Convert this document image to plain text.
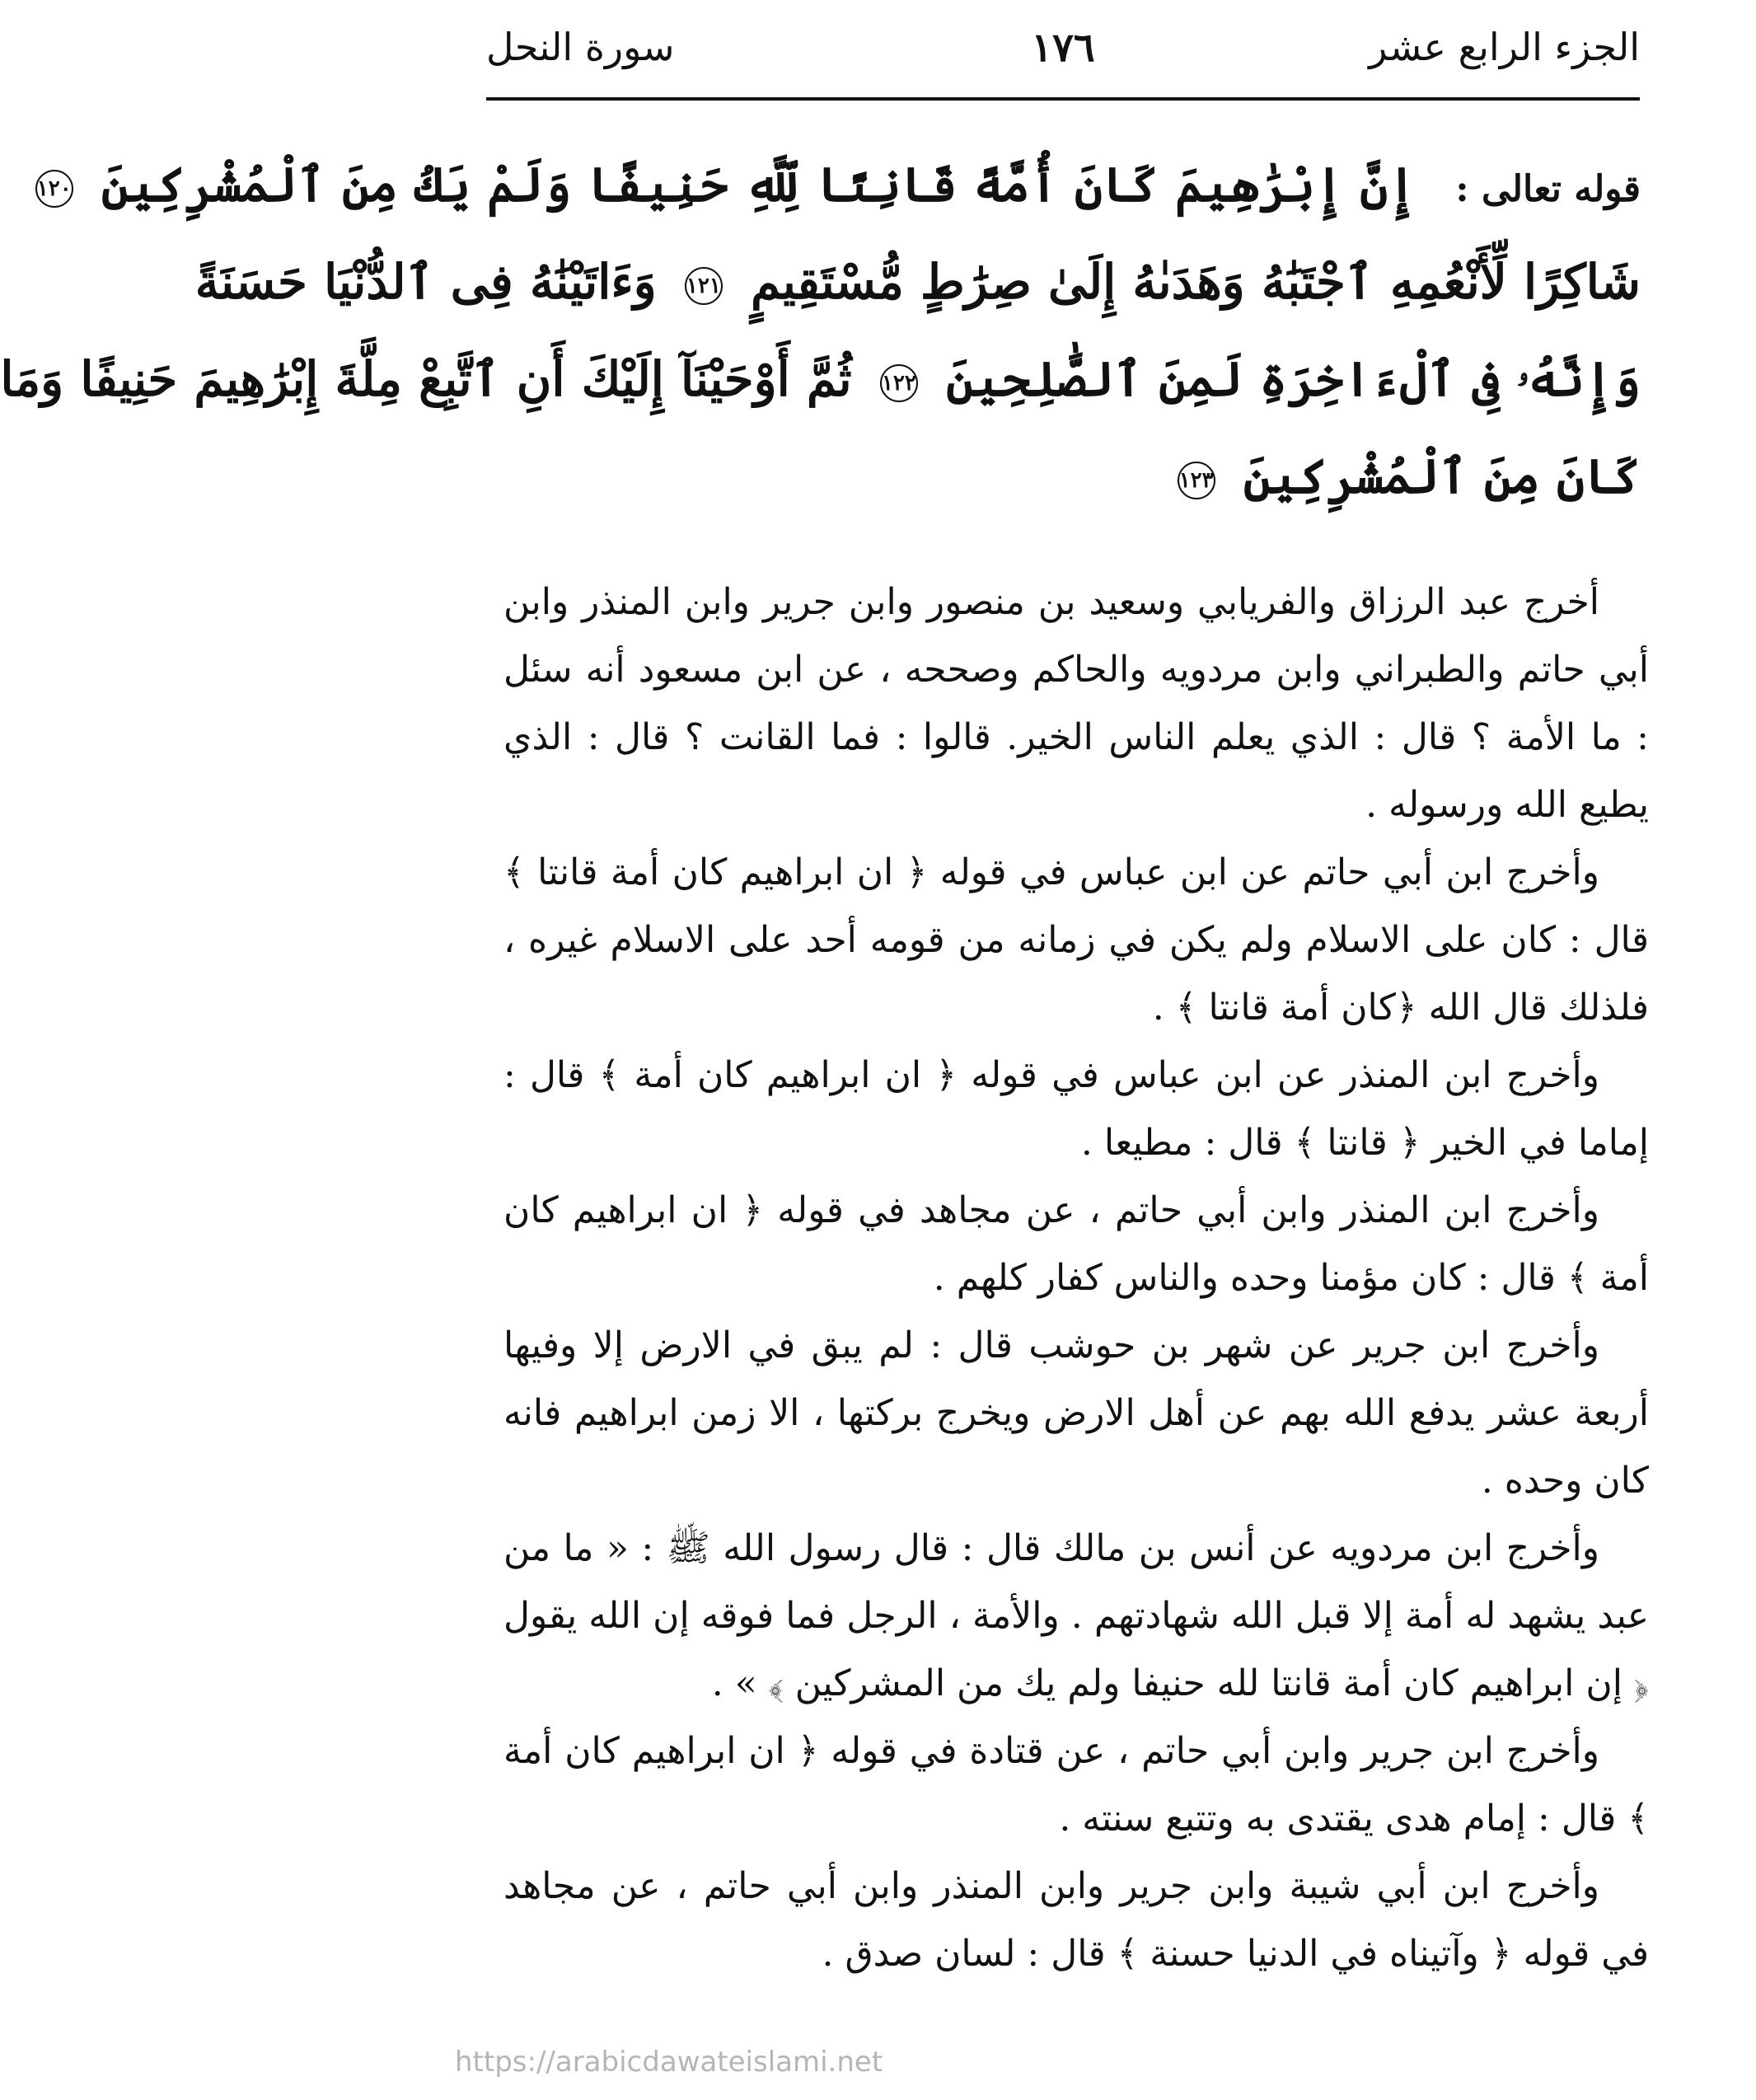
الجزء الرابع عشر
١٧٦
سورة النحل
قوله تعالى : إِنَّ إِبْرَٰهِيمَ كَانَ أُمَّةً قَانِتًا لِّلَّهِ حَنِيفًا وَلَمْ يَكُ مِنَ ٱلْمُشْرِكِينَ ١٢٠
شَاكِرًا لِّأَنْعُمِهِ ٱجْتَبَٰهُ وَهَدَىٰهُ إِلَىٰ صِرَٰطٍ مُّسْتَقِيمٍ ١٢١ وَءَاتَيْنَٰهُ فِى ٱلدُّنْيَا حَسَنَةً
وَإِنَّهُۥ فِى ٱلْءَاخِرَةِ لَمِنَ ٱلصَّٰلِحِينَ ١٢٢ ثُمَّ أَوْحَيْنَآ إِلَيْكَ أَنِ ٱتَّبِعْ مِلَّةَ إِبْرَٰهِيمَ حَنِيفًا وَمَا
كَانَ مِنَ ٱلْمُشْرِكِينَ ١٢٣

أخرج عبد الرزاق والفريابي وسعيد بن منصور وابن جرير وابن المنذر وابن أبي حاتم والطبراني وابن مردويه والحاكم وصححه ، عن ابن مسعود أنه سئل : ما الأمة ؟ قال : الذي يعلم الناس الخير. قالوا : فما القانت ؟ قال : الذي يطيع الله ورسوله .

وأخرج ابن أبي حاتم عن ابن عباس في قوله ﴿ ان ابراهيم كان أمة قانتا ﴾ قال : كان على الاسلام ولم يكن في زمانه من قومه أحد على الاسلام غيره ، فلذلك قال الله ﴿كان أمة قانتا ﴾ .

وأخرج ابن المنذر عن ابن عباس في قوله ﴿ ان ابراهيم كان أمة ﴾ قال : إماما في الخير ﴿ قانتا ﴾ قال : مطيعا .

وأخرج ابن المنذر وابن أبي حاتم ، عن مجاهد في قوله ﴿ ان ابراهيم كان أمة ﴾ قال : كان مؤمنا وحده والناس كفار كلهم .

وأخرج ابن جرير عن شهر بن حوشب قال : لم يبق في الارض إلا وفيها أربعة عشر يدفع الله بهم عن أهل الارض ويخرج بركتها ، الا زمن ابراهيم فانه كان وحده .

وأخرج ابن مردويه عن أنس بن مالك قال : قال رسول الله ﷺ : « ما من عبد يشهد له أمة إلا قبل الله شهادتهم . والأمة ، الرجل فما فوقه إن الله يقول ﴿ إن ابراهيم كان أمة قانتا لله حنيفا ولم يك من المشركين ﴾ » .

وأخرج ابن جرير وابن أبي حاتم ، عن قتادة في قوله ﴿ ان ابراهيم كان أمة ﴾ قال : إمام هدى يقتدى به وتتبع سنته .

وأخرج ابن أبي شيبة وابن جرير وابن المنذر وابن أبي حاتم ، عن مجاهد في قوله ﴿ وآتيناه في الدنيا حسنة ﴾ قال : لسان صدق .

https://arabicdawateislami.net
